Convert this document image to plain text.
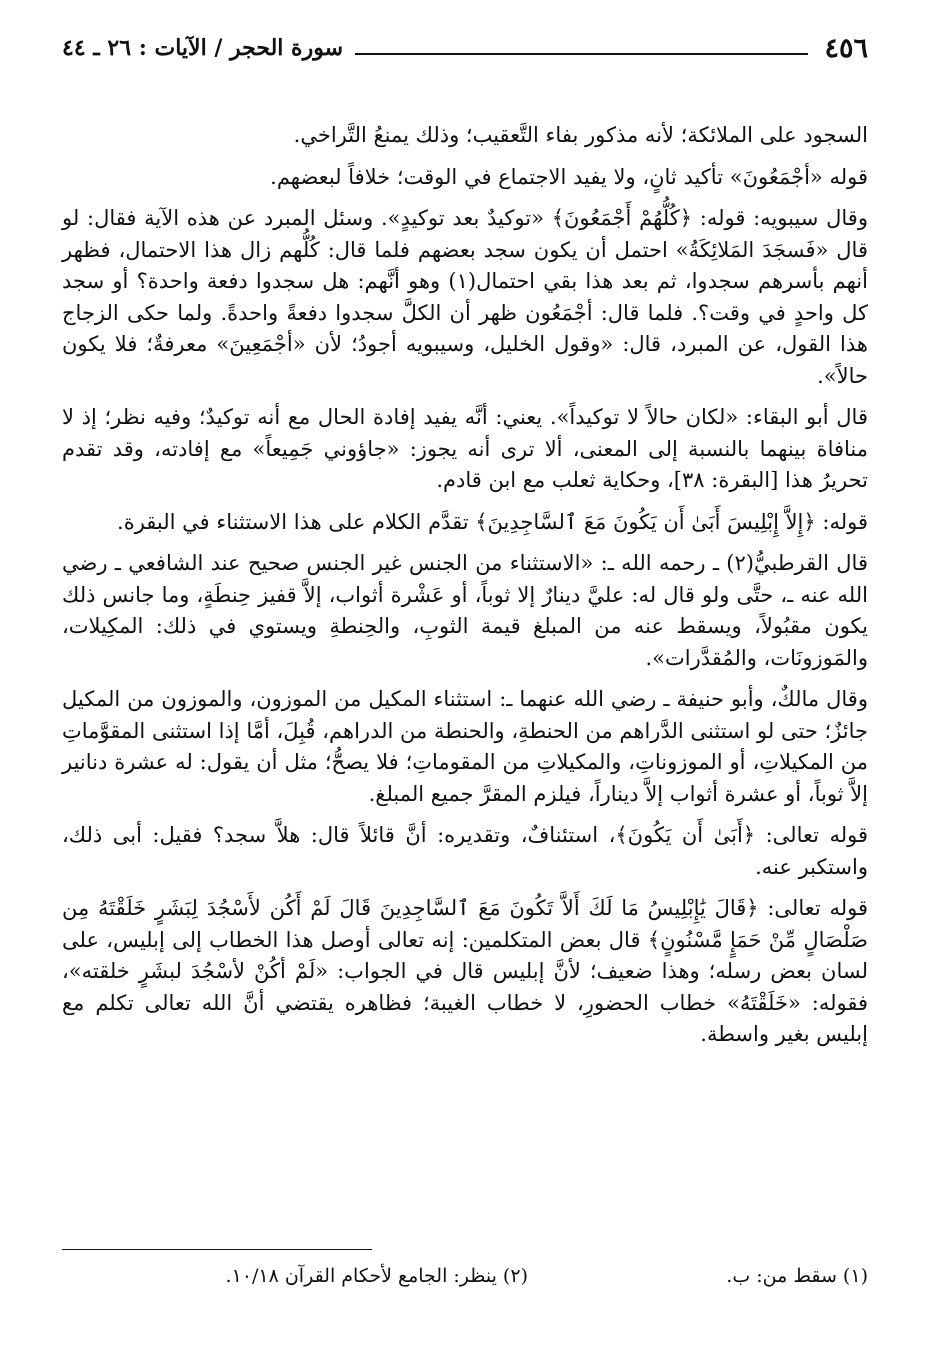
٤٥٦
سورة الحجر / الآيات : ٢٦ ـ ٤٤

السجود على الملائكة؛ لأنه مذكور بفاء التَّعقيب؛ وذلك يمنعُ التَّراخي.

قوله «أجْمَعُونَ» تأكيد ثانٍ، ولا يفيد الاجتماع في الوقت؛ خلافاً لبعضهم.

وقال سيبويه: قوله: ﴿كُلُّهُمْ أَجْمَعُونَ﴾ «توكيدٌ بعد توكيدٍ». وسئل المبرد عن هذه الآية فقال: لو قال «فَسجَدَ المَلائِكَةُ» احتمل أن يكون سجد بعضهم فلما قال: كُلُّهم زال هذا الاحتمال، فظهر أنهم بأسرهم سجدوا، ثم بعد هذا بقي احتمال(١) وهو أنَّهم: هل سجدوا دفعة واحدة؟ أو سجد كل واحدٍ في وقت؟. فلما قال: أجْمَعُون ظهر أن الكلَّ سجدوا دفعةً واحدةً. ولما حكى الزجاج هذا القول، عن المبرد، قال: «وقول الخليل، وسيبويه أجودُ؛ لأن «أجْمَعِينَ» معرفةٌ؛ فلا يكون حالاً».

قال أبو البقاء: «لكان حالاً لا توكيداً». يعني: أنَّه يفيد إفادة الحال مع أنه توكيدٌ؛ وفيه نظر؛ إذ لا منافاة بينهما بالنسبة إلى المعنى، ألا ترى أنه يجوز: «جاؤوني جَمِيعاً» مع إفادته، وقد تقدم تحريرُ هذا [البقرة: ٣٨]، وحكاية ثعلب مع ابن قادم.

قوله: ﴿إِلاَّ إِبْلِيسَ أَبَىٰ أَن يَكُونَ مَعَ ٱلسَّاجِدِينَ﴾ تقدَّم الكلام على هذا الاستثناء في البقرة.

قال القرطبيُّ(٢) ـ رحمه الله ـ: «الاستثناء من الجنس غير الجنس صحيح عند الشافعي ـ رضي الله عنه ـ، حتَّى ولو قال له: عليَّ دينارٌ إلا ثوباً، أو عَشْرة أثواب، إلاَّ قفيز حِنطَةٍ، وما جانس ذلك يكون مقبُولاً، ويسقط عنه من المبلغ قيمة الثوبِ، والحِنطةِ ويستوي في ذلك: المكِيلات، والمَوزونَات، والمُقدَّرات».

وقال مالكٌ، وأبو حنيفة ـ رضي الله عنهما ـ: استثناء المكيل من الموزون، والموزون من المكيل جائزٌ؛ حتى لو استثنى الدَّراهم من الحنطةِ، والحنطة من الدراهم، قُبِلَ، أمَّا إذا استثنى المقوَّماتِ من المكيلاتِ، أو الموزوناتِ، والمكيلاتِ من المقوماتِ؛ فلا يصحُّ؛ مثل أن يقول: له عشرة دنانير إلاَّ ثوباً، أو عشرة أثواب إلاَّ ديناراً، فيلزم المقرَّ جميع المبلغ.

قوله تعالى: ﴿أَبَىٰ أَن يَكُونَ﴾، استئنافٌ، وتقديره: أنَّ قائلاً قال: هلاَّ سجد؟ فقيل: أبى ذلك، واستكبر عنه.

قوله تعالى: ﴿قَالَ يَٰإِبْلِيسُ مَا لَكَ أَلاَّ تَكُونَ مَعَ ٱلسَّاجِدِينَ قَالَ لَمْ أَكُن لأَسْجُدَ لِبَشَرٍ خَلَقْتَهُ مِن صَلْصَالٍ مِّنْ حَمَإٍ مَّسْنُونٍ﴾ قال بعض المتكلمين: إنه تعالى أوصل هذا الخطاب إلى إبليس، على لسان بعض رسله؛ وهذا ضعيف؛ لأنَّ إبليس قال في الجواب: «لَمْ أكُنْ لأسْجُدَ لبشَرٍ خلقته»، فقوله: «خَلَقْتَهُ» خطاب الحضورِ، لا خطاب الغيبة؛ فظاهره يقتضي أنَّ الله تعالى تكلم مع إبليس بغير واسطة.

(١) سقط من: ب.
(٢) ينظر: الجامع لأحكام القرآن ١٠/١٨.
